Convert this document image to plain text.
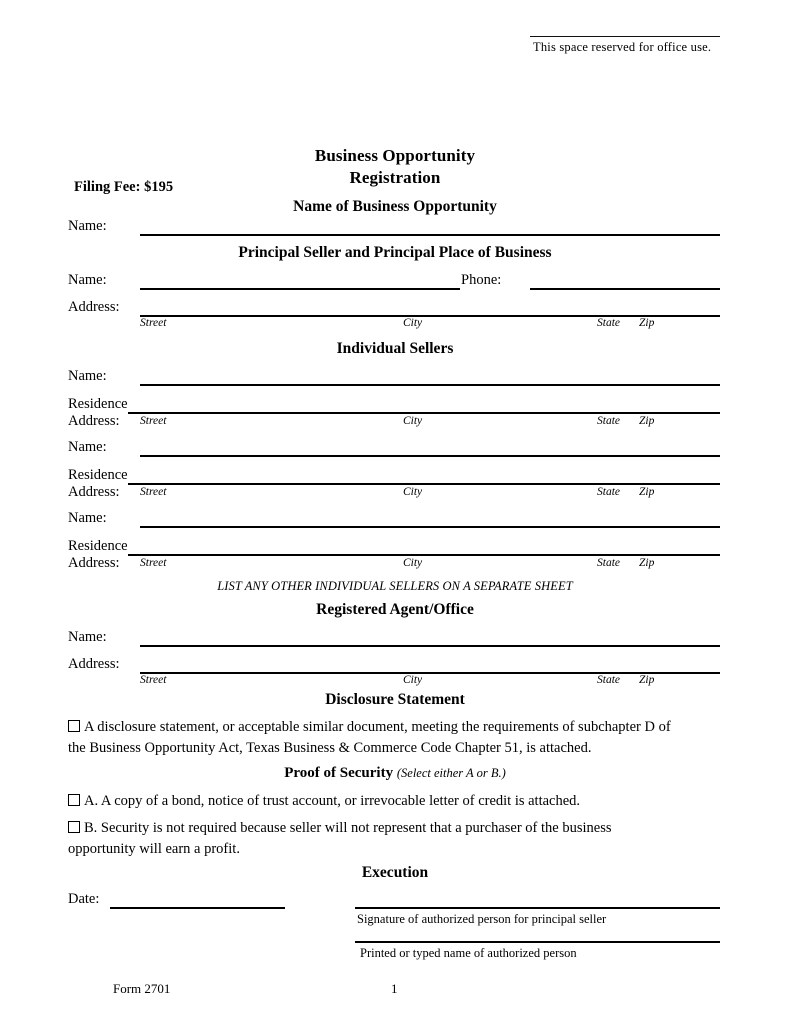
This space reserved for office use.
Business Opportunity
Registration
Filing Fee: $195
Name of Business Opportunity
Name:
Principal Seller and Principal Place of Business
Name:	Phone:
Address:
Street	City	State Zip
Individual Sellers
Name:
Residence
Address: Street	City	State Zip
Name:
Residence
Address: Street	City	State Zip
Name:
Residence
Address: Street	City	State Zip
LIST ANY OTHER INDIVIDUAL SELLERS ON A SEPARATE SHEET
Registered Agent/Office
Name:
Address:
Street	City	State Zip
Disclosure Statement
A disclosure statement, or acceptable similar document, meeting the requirements of subchapter D of
the Business Opportunity Act, Texas Business & Commerce Code Chapter 51, is attached.
Proof of Security (Select either A or B.)
A. A copy of a bond, notice of trust account, or irrevocable letter of credit is attached.
B. Security is not required because seller will not represent that a purchaser of the business
opportunity will earn a profit.
Execution
Date:
Signature of authorized person for principal seller
Printed or typed name of authorized person
Form 2701	1
